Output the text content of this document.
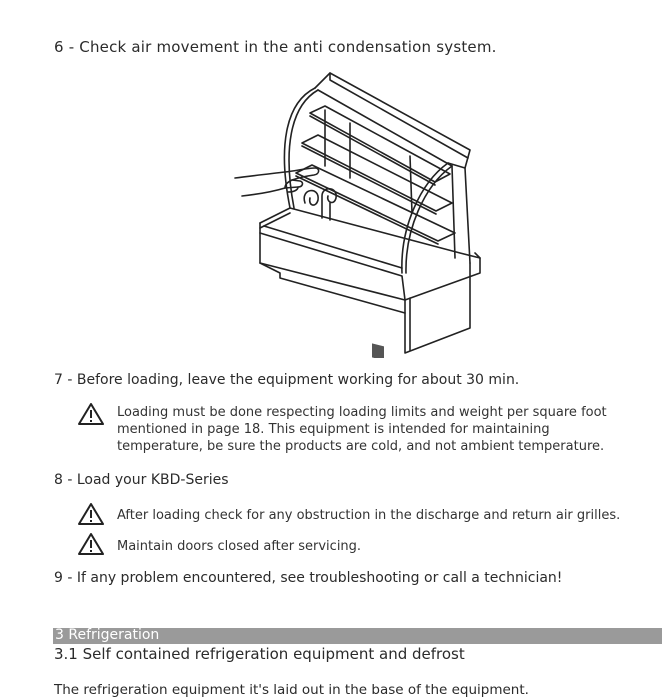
6 - Check air movement in the anti condensation system.
7 - Before loading, leave the equipment working for about 30 min.
Loading must be done respecting loading limits and weight per square foot
mentioned in page 18. This equipment is intended for maintaining
temperature, be sure the products are cold, and not ambient temperature.
8 - Load your KBD-Series
After loading check for any obstruction in the discharge and return air grilles.
Maintain doors closed after servicing.
9 - If any problem encountered, see troubleshooting or call a technician!
3 Refrigeration
3.1 Self contained refrigeration equipment and defrost
The refrigeration equipment it's laid out in the base of the equipment.
